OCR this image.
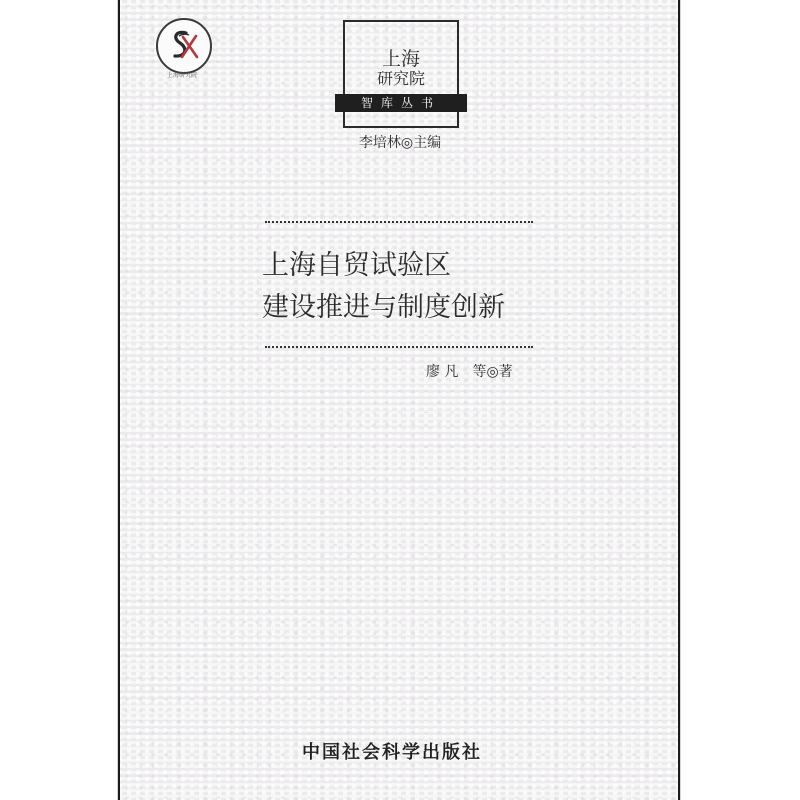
上海研究院
上海
研究院
智库丛书
李培林◎主编
上海自贸试验区
建设推进与制度创新
廖 凡　等◎著
中国社会科学出版社
